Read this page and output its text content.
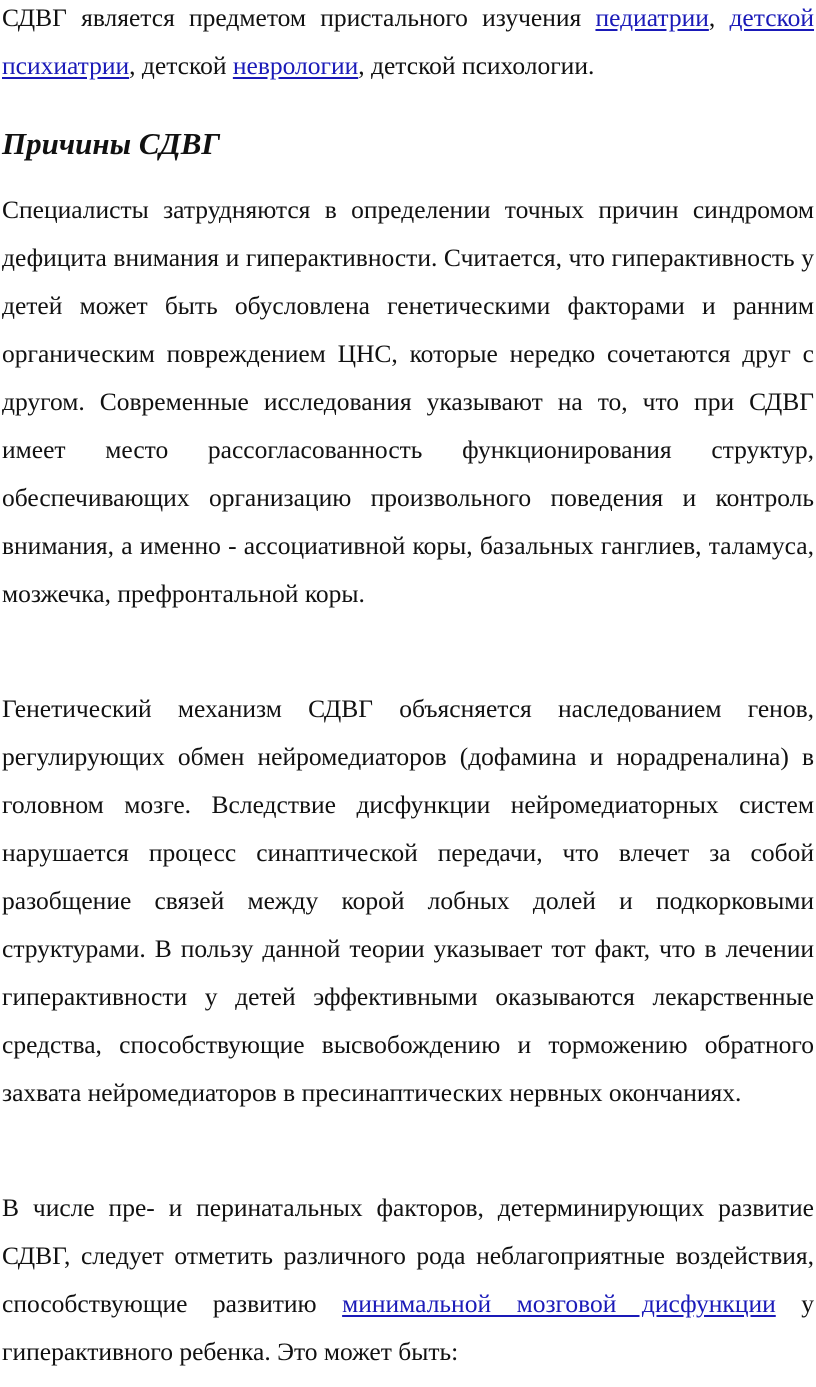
СДВГ является предметом пристального изучения педиатрии, детской психиатрии, детской неврологии, детской психологии.

Причины СДВГ

Специалисты затрудняются в определении точных причин синдромом дефицита внимания и гиперактивности. Считается, что гиперактивность у детей может быть обусловлена генетическими факторами и ранним органическим повреждением ЦНС, которые нередко сочетаются друг с другом. Современные исследования указывают на то, что при СДВГ имеет место рассогласованность функционирования структур, обеспечивающих организацию произвольного поведения и контроль внимания, а именно - ассоциативной коры, базальных ганглиев, таламуса, мозжечка, префронтальной коры.

Генетический механизм СДВГ объясняется наследованием генов, регулирующих обмен нейромедиаторов (дофамина и норадреналина) в головном мозге. Вследствие дисфункции нейромедиаторных систем нарушается процесс синаптической передачи, что влечет за собой разобщение связей между корой лобных долей и подкорковыми структурами. В пользу данной теории указывает тот факт, что в лечении гиперактивности у детей эффективными оказываются лекарственные средства, способствующие высвобождению и торможению обратного захвата нейромедиаторов в пресинаптических нервных окончаниях.

В числе пре- и перинатальных факторов, детерминирующих развитие СДВГ, следует отметить различного рода неблагоприятные воздействия, способствующие развитию минимальной мозговой дисфункции у гиперактивного ребенка. Это может быть:
